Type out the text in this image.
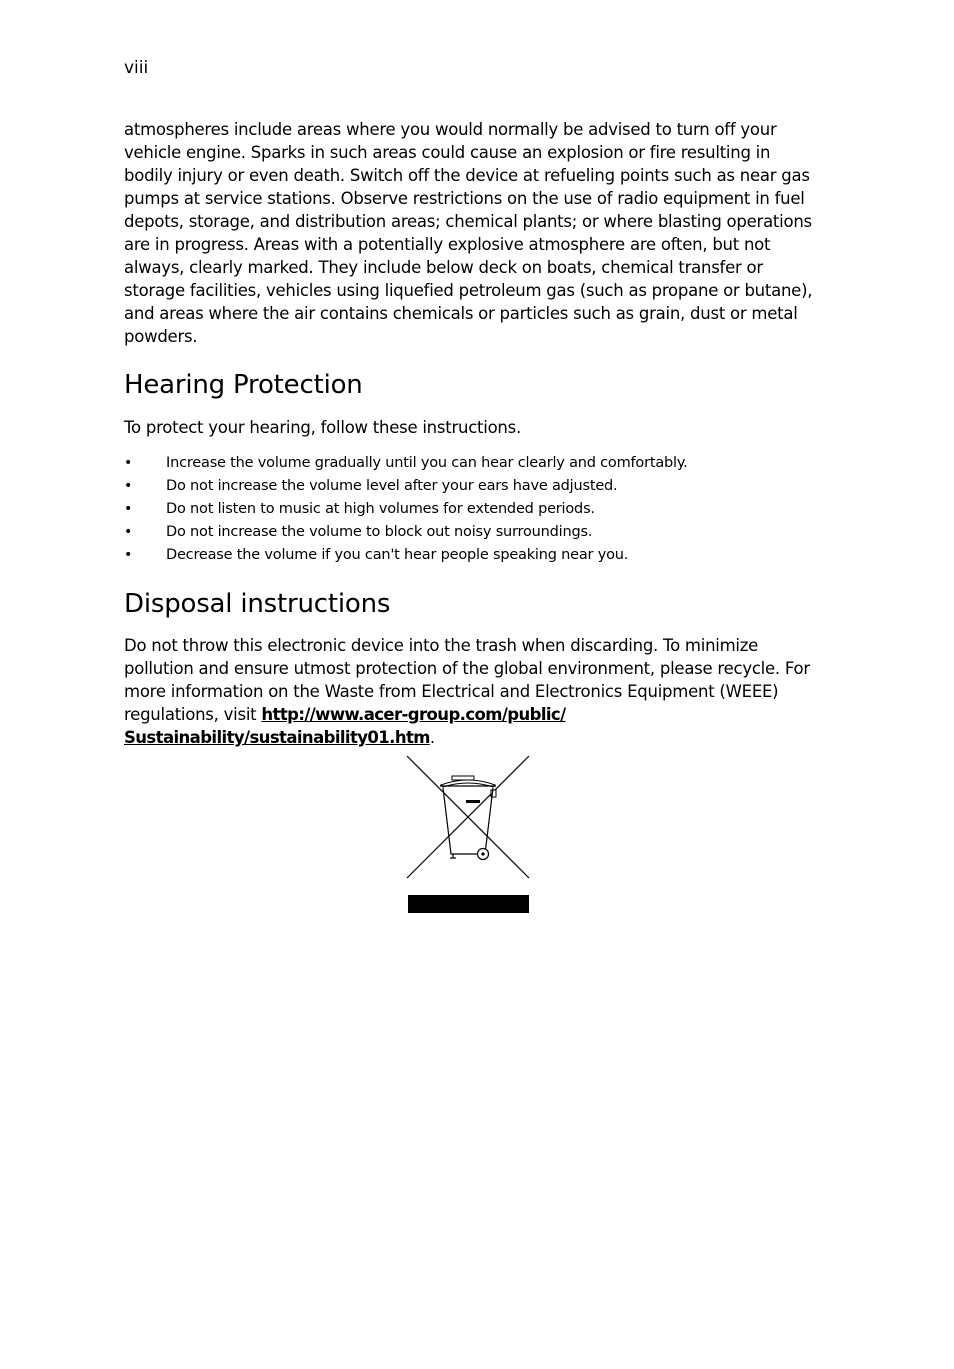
viii

atmospheres include areas where you would normally be advised to turn off your vehicle engine. Sparks in such areas could cause an explosion or fire resulting in bodily injury or even death. Switch off the device at refueling points such as near gas pumps at service stations. Observe restrictions on the use of radio equipment in fuel depots, storage, and distribution areas; chemical plants; or where blasting operations are in progress. Areas with a potentially explosive atmosphere are often, but not always, clearly marked. They include below deck on boats, chemical transfer or storage facilities, vehicles using liquefied petroleum gas (such as propane or butane), and areas where the air contains chemicals or particles such as grain, dust or metal powders.

Hearing Protection

To protect your hearing, follow these instructions.

• Increase the volume gradually until you can hear clearly and comfortably.
• Do not increase the volume level after your ears have adjusted.
• Do not listen to music at high volumes for extended periods.
• Do not increase the volume to block out noisy surroundings.
• Decrease the volume if you can't hear people speaking near you.
Disposal instructions

Do not throw this electronic device into the trash when discarding. To minimize pollution and ensure utmost protection of the global environment, please recycle. For more information on the Waste from Electrical and Electronics Equipment (WEEE) regulations, visit http://www.acer-group.com/public/
Sustainability/sustainability01.htm.
